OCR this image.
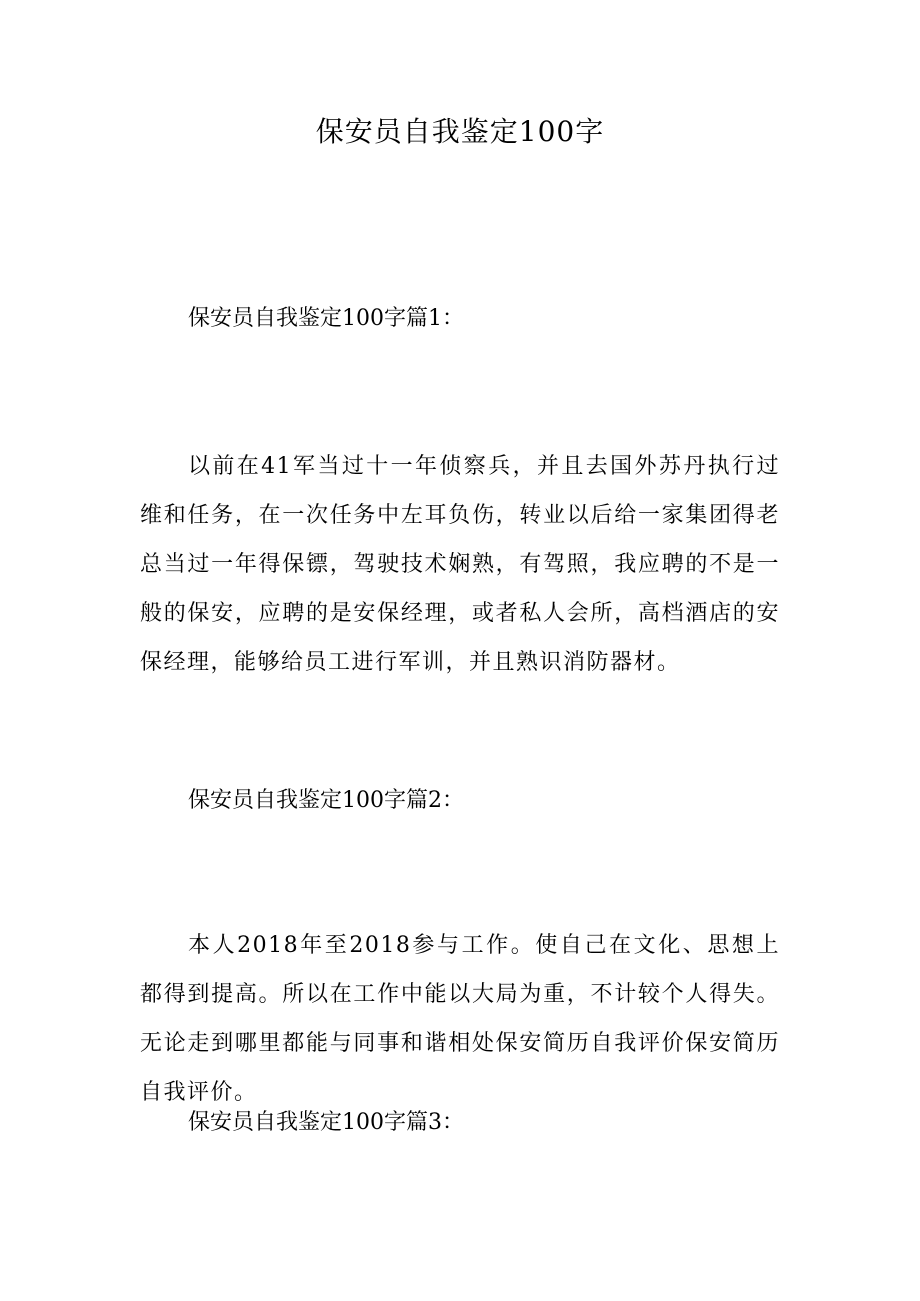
保安员自我鉴定100字
保安员自我鉴定100字篇1：

以前在41军当过十一年侦察兵，并且去国外苏丹执行过维和任务，在一次任务中左耳负伤，转业以后给一家集团得老总当过一年得保镖，驾驶技术娴熟，有驾照，我应聘的不是一般的保安，应聘的是安保经理，或者私人会所，高档酒店的安保经理，能够给员工进行军训，并且熟识消防器材。

保安员自我鉴定100字篇2：

本人2018年至2018参与工作。使自己在文化、思想上都得到提高。所以在工作中能以大局为重，不计较个人得失。无论走到哪里都能与同事和谐相处保安简历自我评价保安简历自我评价。

保安员自我鉴定100字篇3：
